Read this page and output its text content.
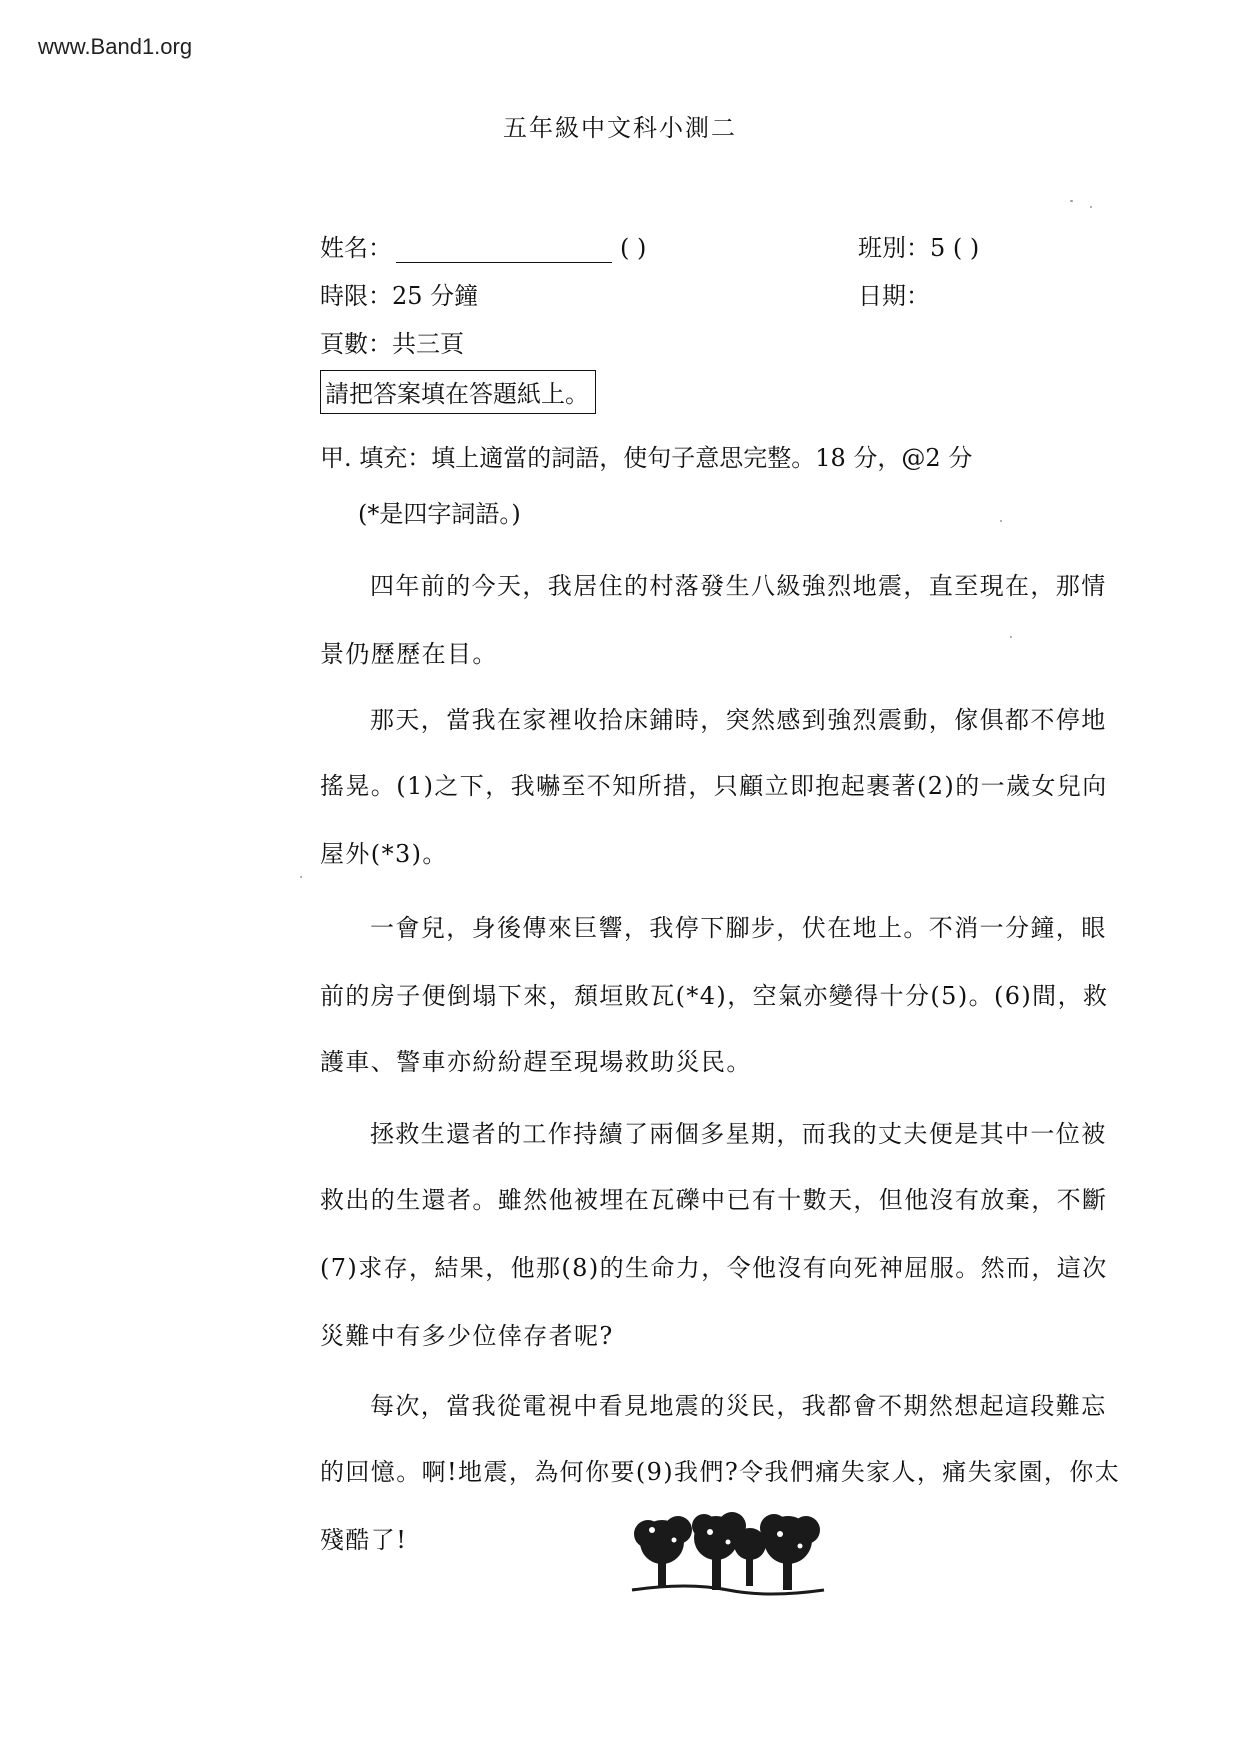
www.Band1.org
五年級中文科小測二
姓名：	( )	班別：5 ( )
時限：25 分鐘	日期：
頁數：共三頁
請把答案填在答題紙上。
甲. 填充：填上適當的詞語，使句子意思完整。18 分，@2 分
(*是四字詞語。)
四年前的今天，我居住的村落發生八級強烈地震，直至現在，那情
景仍歷歷在目。
那天，當我在家裡收拾床鋪時，突然感到強烈震動，傢俱都不停地
搖晃。(1)之下，我嚇至不知所措，只顧立即抱起裹著(2)的一歲女兒向
屋外(*3)。
一會兒，身後傳來巨響，我停下腳步，伏在地上。不消一分鐘，眼
前的房子便倒塌下來，頹垣敗瓦(*4)，空氣亦變得十分(5)。(6)間，救
護車、警車亦紛紛趕至現場救助災民。
拯救生還者的工作持續了兩個多星期，而我的丈夫便是其中一位被
救出的生還者。雖然他被埋在瓦礫中已有十數天，但他沒有放棄，不斷
(7)求存，結果，他那(8)的生命力，令他沒有向死神屈服。然而，這次
災難中有多少位倖存者呢?
每次，當我從電視中看見地震的災民，我都會不期然想起這段難忘
的回憶。啊!地震，為何你要(9)我們?令我們痛失家人，痛失家園，你太
殘酷了!
